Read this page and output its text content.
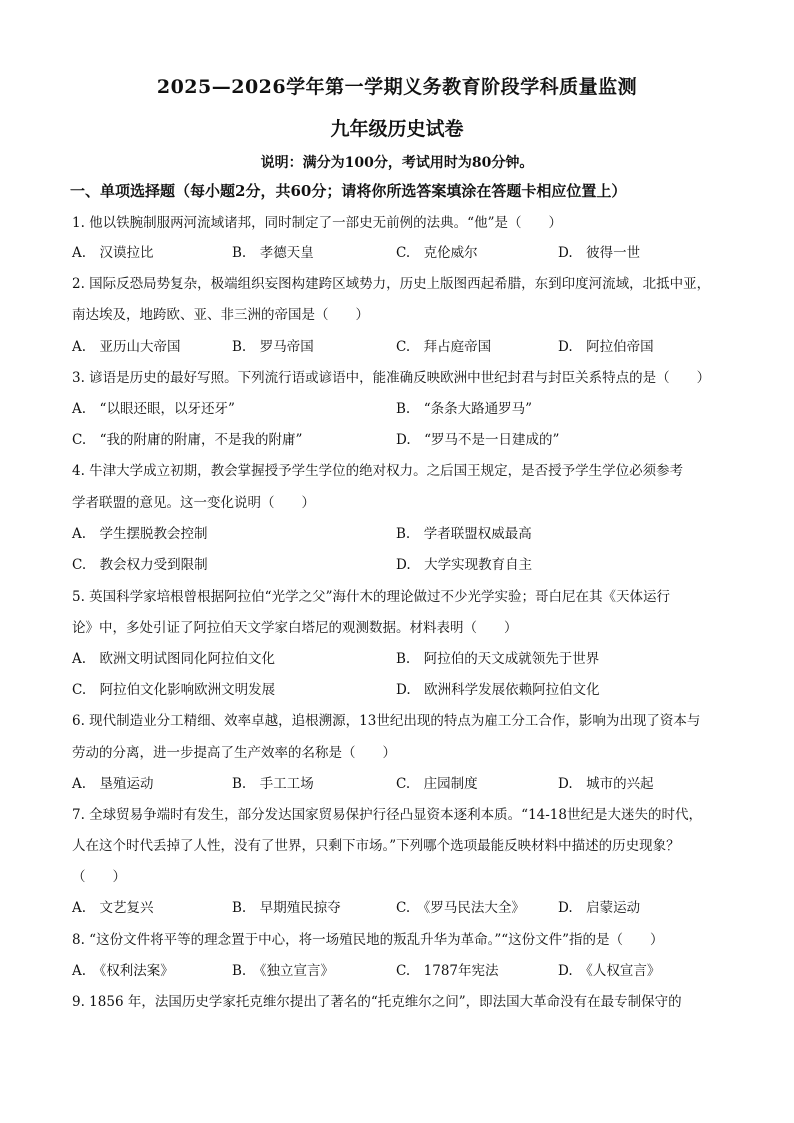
2025—2026学年第一学期义务教育阶段学科质量监测
九年级历史试卷
说明：满分为100分，考试用时为80分钟。
一、单项选择题（每小题2分，共60分；请将你所选答案填涂在答题卡相应位置上）
1. 他以铁腕制服两河流域诸邦，同时制定了一部史无前例的法典。“他”是（　　）
A.　汉谟拉比	B.　孝德天皇	C.　克伦威尔	D.　彼得一世
2. 国际反恐局势复杂，极端组织妄图构建跨区域势力，历史上版图西起希腊，东到印度河流域，北抵中亚，
南达埃及，地跨欧、亚、非三洲的帝国是（　　）
A.　亚历山大帝国	B.　罗马帝国	C.　拜占庭帝国	D.　阿拉伯帝国
3. 谚语是历史的最好写照。下列流行语或谚语中，能准确反映欧洲中世纪封君与封臣关系特点的是（　　）
A.　“以眼还眼，以牙还牙”	B.　“条条大路通罗马”
C.　“我的附庸的附庸，不是我的附庸”	D.　“罗马不是一日建成的”
4. 牛津大学成立初期，教会掌握授予学生学位的绝对权力。之后国王规定，是否授予学生学位必须参考
学者联盟的意见。这一变化说明（　　）
A.　学生摆脱教会控制	B.　学者联盟权威最高
C.　教会权力受到限制	D.　大学实现教育自主
5. 英国科学家培根曾根据阿拉伯“光学之父”海什木的理论做过不少光学实验；哥白尼在其《天体运行
论》中，多处引证了阿拉伯天文学家白塔尼的观测数据。材料表明（　　）
A.　欧洲文明试图同化阿拉伯文化	B.　阿拉伯的天文成就领先于世界
C.　阿拉伯文化影响欧洲文明发展	D.　欧洲科学发展依赖阿拉伯文化
6. 现代制造业分工精细、效率卓越，追根溯源，13世纪出现的特点为雇工分工合作，影响为出现了资本与
劳动的分离，进一步提高了生产效率的名称是（　　）
A.　垦殖运动	B.　手工工场	C.　庄园制度	D.　城市的兴起
7. 全球贸易争端时有发生，部分发达国家贸易保护行径凸显资本逐利本质。“14-18世纪是大迷失的时代，
人在这个时代丢掉了人性，没有了世界，只剩下市场。”下列哪个选项最能反映材料中描述的历史现象？
（　　）
A.　文艺复兴	B.　早期殖民掠夺	C.　《罗马民法大全》 D.　启蒙运动
8. “这份文件将平等的理念置于中心，将一场殖民地的叛乱升华为革命。”“这份文件”指的是（　　）
A.　《权利法案》	B.　《独立宣言》	C.　1787年宪法	D.　《人权宣言》
9. 1856 年，法国历史学家托克维尔提出了著名的“托克维尔之问”，即法国大革命没有在最专制保守的
